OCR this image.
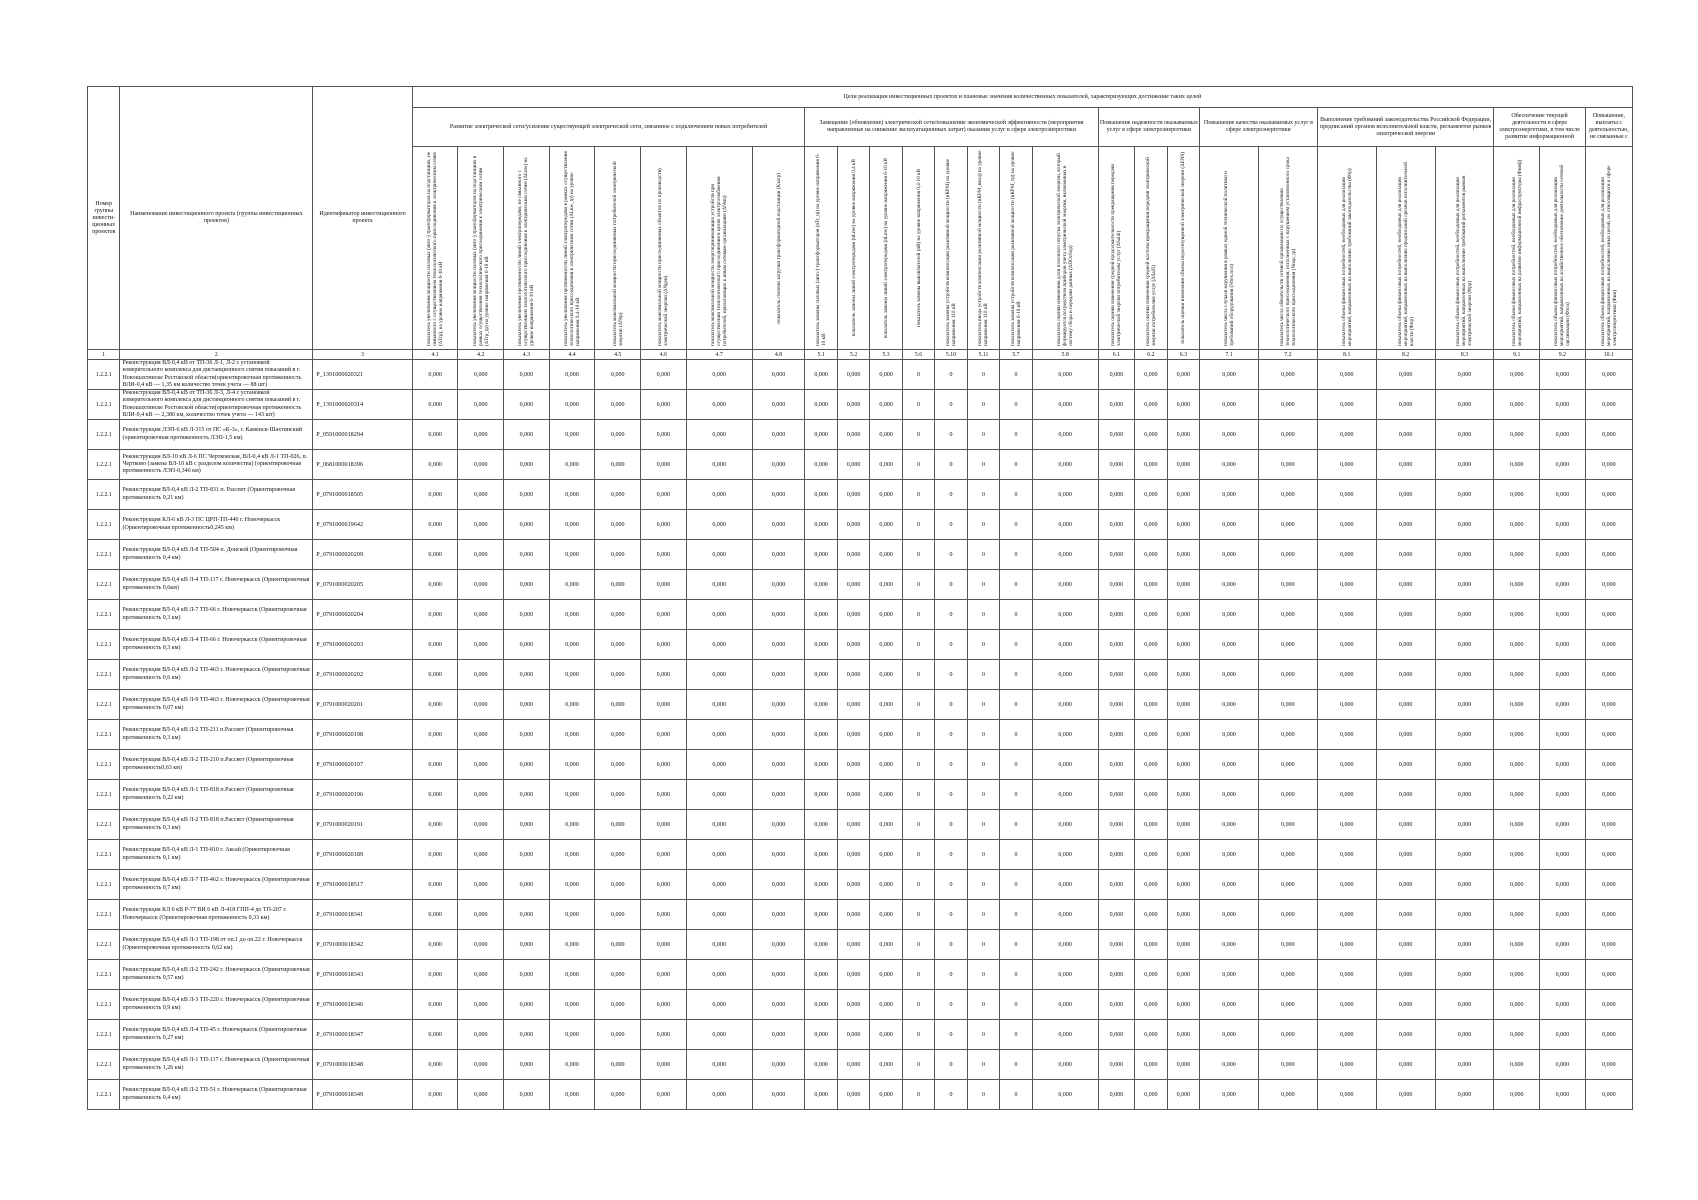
Номер группы инвести-ционных проектов	Наименование инвестиционного проекта (группы инвестиционных проектов)	Идентификатор инвестиционного проекта	Цели реализации инвестиционных проектов и плановые значения количественных показателей, характеризующих достижение таких целей																										
			Развитие электрической сети/усиление существующей электрической сети, связанное с подключением новых потребителей								Замещение (обновление) электрической сети/повышение экономической эффективности (мероприятия направленные на снижение эксплуатационных затрат) оказания услуг в сфере электроэнергетики								Повышение надежности оказываемых услуг в сфере электроэнергетики			Повышение качества оказываемых услуг в сфере электроэнергетики		Выполнение требований законодательства Российской Федерации, предписаний органов исполнительной власти, регламентов рынков электрической энергии			Обеспечение текущей деятельности в сфере электроэнергетики, в том числе развитие информационной		Повышение, выплаты с деятельностью, не связанные с

			показатель увеличения мощности силовых (авто-) трансформаторов на подстанциях, не связанного с осуществлением технологического присоединения к электрическим сетям (ΔTrp), на уровне напряжения 6-10 кВ	показатель увеличения мощности силовых (авто-) трансформаторов на подстанциях в рамках осуществления технологического присоединения к электрическим сетям (ΔTrp_tp) на уровне напряжения 6-10 кВ	показатель увеличения протяженности линий электропередачи, не связанного с осуществлением технологического присоединения к электрическим сетям (ΔLnw) на уровне напряжения 6-10 кВ	показатель увеличения протяженности линий электропередачи в рамках осуществления технологического присоединения к электрическим сетям (ΔLnw_tp) на уровне напряжения 0,4-10 кВ	показатель максимальной мощности присоединяемых потребителей электрической энергии (ΔNtp)	показатель максимальной мощности присоединяемых объектов по производству электрической энергии (ΔNgen)	показатель максимальной мощности энергопринимающих устройств при осуществлении технологического присоединения в целях электроснабжения потребителей, прилегающих к иным сетевым организациям (ΔNsm)	показатель степени загрузки трансформаторной подстанции (Kзагр)	показатель замены силовых (авто-) трансформаторов (nTr_tp) на уровне напряжения 6-10 кВ	показатель замены линий электропередачи (nLnw) на уровне напряжения 0,4 кВ	показатель замены линий электропередачи (nLnw) на уровне напряжения 6-10 кВ	показатель замены выключателей (nВ) на уровне напряжения 0,4-10 кВ	показатель замены устройств компенсации реактивной мощности (nКРМ) на уровне напряжения 110 кВ	показатель ввода устройств компенсации реактивной мощности (nКРМ_ввод) на уровне напряжения 110 кВ	показатель замены устройств компенсации реактивной мощности (nКРМ_тр) на уровне напряжения 6-10 кВ	показатель оценки изменения доли полезного отпуска электрической энергии, который формируется посредством приборов учета электрической энергии, включенных в систему сбора и передачи данных (ΔПОсбор)	показатель оценки изменения средней продолжительности прекращения передачи электрической энергии потребителям услуг (ΔSaidi)	показатель оценки изменения средней частоты прекращения передачи электрической энергии потребителям услуг (ΔSaifi)	показатель оценки изменения объема недоотпущенной электрической энергии (ΔENS)	показатель числа случаев нарушения в рамках единой технической политики и требований оборудования (Nтех.пол)	показатель числа обязательств сетевой организации по осуществлению технологического присоединения, исполненных с нарушением установленного срока технологического присоединения (Nнар_tp)	показатель объема финансовых потребностей, необходимых для реализации мероприятий, направленных на выполнение требований законодательства (Фтр)	показатель объема финансовых потребностей, необходимых для реализации мероприятий, направленных на выполнение предписаний органов исполнительной власти (Фпр)	показатель объема финансовых потребностей, необходимых для реализации мероприятий, направленных на выполнение требований регламентов рынков электрической энергии (Фрр)	показатель объема финансовых потребностей, необходимых для реализации мероприятий, направленных на развитие информационной инфраструктуры (Финф)	показатель объема финансовых потребностей, необходимых для реализации мероприятий, направленных на хозяйственное обеспечение деятельности сетевой организации (Фхоз)	показатель объема финансовых потребностей, необходимых для реализации мероприятий, направленных на выполнение иных целей, не относящихся к сфере электроэнергетики (Фин)

1	2	3	4.1	4.2	4.3	4.4	4.5	4.6	4.7	4.8	5.1	5.2	5.3	5.6	5.10	5.11	5.7	5.8	6.1	6.2	6.3	7.1	7.2	8.1	8.2	8.3	9.1	9.2	10.1
1.2.2.1	Реконструкция ВЛ-0,4 кВ от ТП-36 Л-1, Л-2 с установкой измерительного комплекса для дистанционного снятия показаний в г. Новошахтинске Ростовской области(ориентировочная протяженность ВЛИ-0,4 кВ — 1,35 км количество точек учета — 88 шт)	P_1391000020321	0,000	0,000	0,000	0,000	0,000	0,000	0,000	0,000	0,000	0,000	0,000	0	0	0	0	0,000	0,000	0,000	0,000	0,000	0,000	0,000	0,000	0,000	0,000	0,000	0,000
1.2.2.1	Реконструкция ВЛ-0,4 кВ от ТП-36 Л-3, Л-4 с установкой измерительного комплекса для дистанционного снятия показаний в г. Новошахтинске Ростовской области(ориентировочная протяженность ВЛИ-0,4 кВ — 2,380 км, количество точек учета — 143 шт)	P_1391000020314	0,000	0,000	0,000	0,000	0,000	0,000	0,000	0,000	0,000	0,000	0,000	0	0	0	0	0,000	0,000	0,000	0,000	0,000	0,000	0,000	0,000	0,000	0,000	0,000	0,000
1.2.2.1	Реконструкция ЛЭП-6 кВ Л-315 от ПС «К-3», г. Каменск-Шахтинский (ориентировочная протяженность ЛЭП-1,5 км)	P_0591000018294	0,000	0,000	0,000	0,000	0,000	0,000	0,000	0,000	0,000	0,000	0,000	0	0	0	0	0,000	0,000	0,000	0,000	0,000	0,000	0,000	0,000	0,000	0,000	0,000	0,000
1.2.2.1	Реконструкция ВЛ-10 кВ Л-6 ПС Чертковская, ВЛ-0,4 кВ Л-1 ТП-026, п. Чертково (замена ВЛ-10 кВ с разделом количества) (ориентировочная протяженность ЛЭП-0,346 км)	P_0681000018396	0,000	0,000	0,000	0,000	0,000	0,000	0,000	0,000	0,000	0,000	0,000	0	0	0	0	0,000	0,000	0,000	0,000	0,000	0,000	0,000	0,000	0,000	0,000	0,000	0,000
1.2.2.1	Реконструкция ВЛ-0,4 кВ Л-2 ТП-831 п. Рассвет (Ориентировочная протяженность 0,21 км)	P_0791000018505	0,000	0,000	0,000	0,000	0,000	0,000	0,000	0,000	0,000	0,000	0,000	0	0	0	0	0,000	0,000	0,000	0,000	0,000	0,000	0,000	0,000	0,000	0,000	0,000	0,000
1.2.2.1	Реконструкция КЛ-6 кВ Л-3 ПС ЦРП-ТП-440 г. Новочеркасск (Ориентировочная протяженность0,245 км)	P_0791000019642	0,000	0,000	0,000	0,000	0,000	0,000	0,000	0,000	0,000	0,000	0,000	0	0	0	0	0,000	0,000	0,000	0,000	0,000	0,000	0,000	0,000	0,000	0,000	0,000	0,000
1.2.2.1	Реконструкция ВЛ-0,4 кВ Л-8 ТП-504 п. Донской (Ориентировочная протяженность 0,4 км)	P_0791000020209	0,000	0,000	0,000	0,000	0,000	0,000	0,000	0,000	0,000	0,000	0,000	0	0	0	0	0,000	0,000	0,000	0,000	0,000	0,000	0,000	0,000	0,000	0,000	0,000	0,000
1.2.2.1	Реконструкция ВЛ-0,4 кВ Л-4 ТП-117 г. Новочеркасск (Ориентировочная протяженность 0,6км)	P_0791000020205	0,000	0,000	0,000	0,000	0,000	0,000	0,000	0,000	0,000	0,000	0,000	0	0	0	0	0,000	0,000	0,000	0,000	0,000	0,000	0,000	0,000	0,000	0,000	0,000	0,000
1.2.2.1	Реконструкция ВЛ-0,4 кВ Л-7 ТП-66 г. Новочеркасск (Ориентировочная протяженность 0,3 км)	P_0791000020204	0,000	0,000	0,000	0,000	0,000	0,000	0,000	0,000	0,000	0,000	0,000	0	0	0	0	0,000	0,000	0,000	0,000	0,000	0,000	0,000	0,000	0,000	0,000	0,000	0,000
1.2.2.1	Реконструкция ВЛ-0,4 кВ Л-4 ТП-66 г. Новочеркасск (Ориентировочная протяженность 0,3 км)	P_0791000020203	0,000	0,000	0,000	0,000	0,000	0,000	0,000	0,000	0,000	0,000	0,000	0	0	0	0	0,000	0,000	0,000	0,000	0,000	0,000	0,000	0,000	0,000	0,000	0,000	0,000
1.2.2.1	Реконструкция ВЛ-0,4 кВ Л-2 ТП-463 г. Новочеркасск (Ориентировочная протяженность 0,6 км)	P_0791000020202	0,000	0,000	0,000	0,000	0,000	0,000	0,000	0,000	0,000	0,000	0,000	0	0	0	0	0,000	0,000	0,000	0,000	0,000	0,000	0,000	0,000	0,000	0,000	0,000	0,000
1.2.2.1	Реконструкция ВЛ-0,4 кВ Л-9 ТП-463 г. Новочеркасск (Ориентировочная протяженность 0,07 км)	P_0791000020201	0,000	0,000	0,000	0,000	0,000	0,000	0,000	0,000	0,000	0,000	0,000	0	0	0	0	0,000	0,000	0,000	0,000	0,000	0,000	0,000	0,000	0,000	0,000	0,000	0,000
1.2.2.1	Реконструкция ВЛ-0,4 кВ Л-2 ТП-211 п.Рассвет (Ориентировочная протяженность 0,3 км)	P_0791000020198	0,000	0,000	0,000	0,000	0,000	0,000	0,000	0,000	0,000	0,000	0,000	0	0	0	0	0,000	0,000	0,000	0,000	0,000	0,000	0,000	0,000	0,000	0,000	0,000	0,000
1.2.2.1	Реконструкция ВЛ-0,4 кВ Л-2 ТП-210 п.Рассвет (Ориентировочная протяженность0,63 км)	P_0791000020197	0,000	0,000	0,000	0,000	0,000	0,000	0,000	0,000	0,000	0,000	0,000	0	0	0	0	0,000	0,000	0,000	0,000	0,000	0,000	0,000	0,000	0,000	0,000	0,000	0,000
1.2.2.1	Реконструкция ВЛ-0,4 кВ Л-1 ТП-818 п.Рассвет (Ориентировочная протяженность 0,22 км)	P_0791000020196	0,000	0,000	0,000	0,000	0,000	0,000	0,000	0,000	0,000	0,000	0,000	0	0	0	0	0,000	0,000	0,000	0,000	0,000	0,000	0,000	0,000	0,000	0,000	0,000	0,000
1.2.2.1	Реконструкция ВЛ-0,4 кВ Л-2 ТП-818 п.Рассвет (Ориентировочная протяженность 0,3 км)	P_0791000020191	0,000	0,000	0,000	0,000	0,000	0,000	0,000	0,000	0,000	0,000	0,000	0	0	0	0	0,000	0,000	0,000	0,000	0,000	0,000	0,000	0,000	0,000	0,000	0,000	0,000
1.2.2.1	Реконструкция ВЛ-0,4 кВ Л-1 ТП-810 г. Аксай (Ориентировочная протяженность 0,1 км)	P_0791000020189	0,000	0,000	0,000	0,000	0,000	0,000	0,000	0,000	0,000	0,000	0,000	0	0	0	0	0,000	0,000	0,000	0,000	0,000	0,000	0,000	0,000	0,000	0,000	0,000	0,000
1.2.2.1	Реконструкция ВЛ-0,4 кВ Л-7 ТП-462 г. Новочеркасск (Ориентировочная протяженность 0,7 км)	P_0791000018517	0,000	0,000	0,000	0,000	0,000	0,000	0,000	0,000	0,000	0,000	0,000	0	0	0	0	0,000	0,000	0,000	0,000	0,000	0,000	0,000	0,000	0,000	0,000	0,000	0,000
1.2.2.1	Реконструкция КЛ 6 кВ Р-77 ВИ 6 кВ Л-418 ГПП-4 до ТП-207 г. Новочеркасск (Ориентировочная протяженность 0,33 км)	P_0791000018341	0,000	0,000	0,000	0,000	0,000	0,000	0,000	0,000	0,000	0,000	0,000	0	0	0	0	0,000	0,000	0,000	0,000	0,000	0,000	0,000	0,000	0,000	0,000	0,000	0,000
1.2.2.1	Реконструкция ВЛ-0,4 кВ Л-3 ТП-198 от оп.1 до оп.22 г. Новочеркасск (Ориентировочная протяженность 0,62 км)	P_0791000018342	0,000	0,000	0,000	0,000	0,000	0,000	0,000	0,000	0,000	0,000	0,000	0	0	0	0	0,000	0,000	0,000	0,000	0,000	0,000	0,000	0,000	0,000	0,000	0,000	0,000
1.2.2.1	Реконструкция ВЛ-0,4 кВ Л-2 ТП-242 г. Новочеркасск (Ориентировочная протяженность 0,57 км)	P_0791000018343	0,000	0,000	0,000	0,000	0,000	0,000	0,000	0,000	0,000	0,000	0,000	0	0	0	0	0,000	0,000	0,000	0,000	0,000	0,000	0,000	0,000	0,000	0,000	0,000	0,000
1.2.2.1	Реконструкция ВЛ-0,4 кВ Л-3 ТП-220 г. Новочеркасск (Ориентировочная протяженность 0,9 км)	P_0791000018346	0,000	0,000	0,000	0,000	0,000	0,000	0,000	0,000	0,000	0,000	0,000	0	0	0	0	0,000	0,000	0,000	0,000	0,000	0,000	0,000	0,000	0,000	0,000	0,000	0,000
1.2.2.1	Реконструкция ВЛ-0,4 кВ Л-4 ТП-45 г. Новочеркасск (Ориентировочная протяженность 0,27 км)	P_0791000018347	0,000	0,000	0,000	0,000	0,000	0,000	0,000	0,000	0,000	0,000	0,000	0	0	0	0	0,000	0,000	0,000	0,000	0,000	0,000	0,000	0,000	0,000	0,000	0,000	0,000
1.2.2.1	Реконструкция ВЛ-0,4 кВ Л-1 ТП-117 г. Новочеркасск (Ориентировочная протяженность 1,26 км)	P_0791000018348	0,000	0,000	0,000	0,000	0,000	0,000	0,000	0,000	0,000	0,000	0,000	0	0	0	0	0,000	0,000	0,000	0,000	0,000	0,000	0,000	0,000	0,000	0,000	0,000	0,000
1.2.2.1	Реконструкция ВЛ-0,4 кВ Л-2 ТП-51 г. Новочеркасск (Ориентировочная протяженность 0,4 км)	P_0791000018349	0,000	0,000	0,000	0,000	0,000	0,000	0,000	0,000	0,000	0,000	0,000	0	0	0	0	0,000	0,000	0,000	0,000	0,000	0,000	0,000	0,000	0,000	0,000	0,000	0,000
